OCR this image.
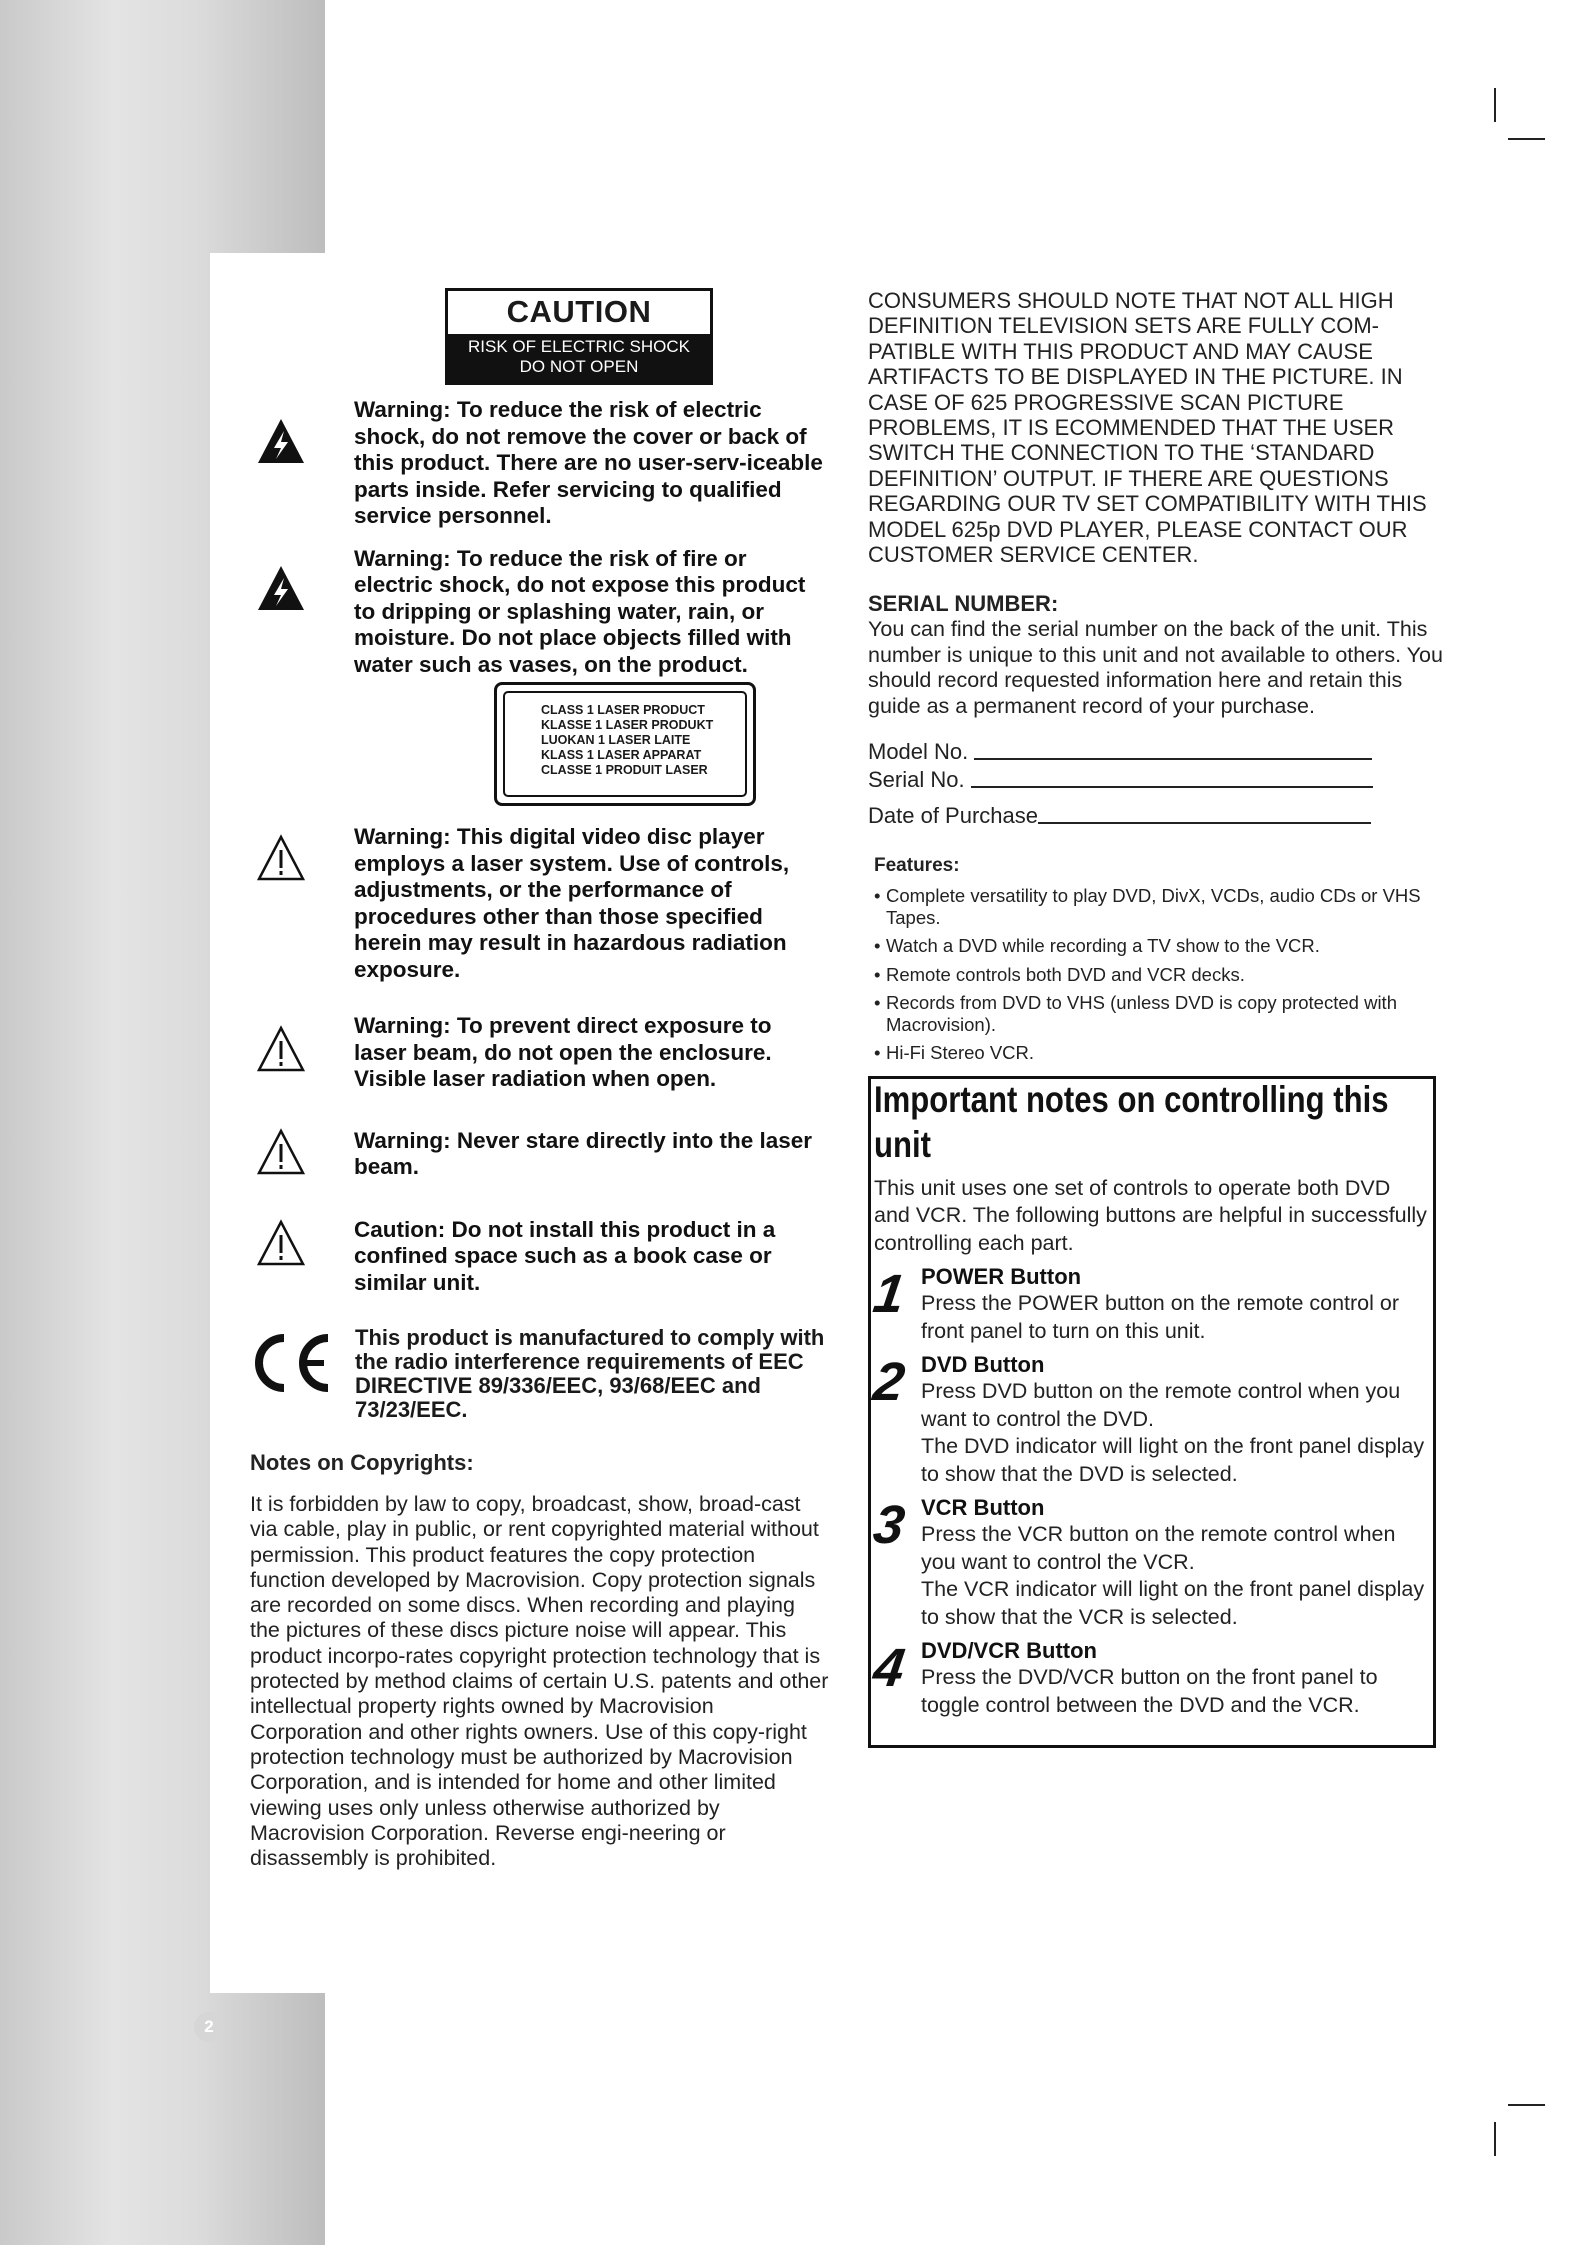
2
CAUTION
RISK OF ELECTRIC SHOCK
DO NOT OPEN
Warning: To reduce the risk of electric shock, do not remove the cover or back of this product. There are no user-serv-iceable parts inside. Refer servicing to qualified service personnel.
Warning: To reduce the risk of fire or electric shock, do not expose this product to dripping or splashing water, rain, or moisture. Do not place objects filled with water such as vases, on the product.
CLASS 1 LASER PRODUCT
KLASSE 1 LASER PRODUKT
LUOKAN 1 LASER LAITE
KLASS 1 LASER APPARAT
CLASSE 1 PRODUIT LASER
Warning: This digital video disc player employs a laser system. Use of controls, adjustments, or the performance of procedures other than those specified herein may result in hazardous radiation exposure.
Warning: To prevent direct exposure to laser beam, do not open the enclosure. Visible laser radiation when open.
Warning: Never stare directly into the laser beam.
Caution: Do not install this product in a confined space such as a book case or similar unit.
This product is manufactured to comply with the radio interference requirements of EEC DIRECTIVE 89/336/EEC, 93/68/EEC and 73/23/EEC.
Notes on Copyrights:
It is forbidden by law to copy, broadcast, show, broad-cast via cable, play in public, or rent copyrighted material without permission. This product features the copy protection function developed by Macrovision. Copy protection signals are recorded on some discs. When recording and playing the pictures of these discs picture noise will appear. This product incorpo-rates copyright protection technology that is protected by method claims of certain U.S. patents and other intellectual property rights owned by Macrovision Corporation and other rights owners. Use of this copy-right protection technology must be authorized by Macrovision Corporation, and is intended for home and other limited viewing uses only unless otherwise authorized by Macrovision Corporation. Reverse engi-neering or disassembly is prohibited.
CONSUMERS SHOULD NOTE THAT NOT ALL HIGH DEFINITION TELEVISION SETS ARE FULLY COM-PATIBLE WITH THIS PRODUCT AND MAY CAUSE ARTIFACTS TO BE DISPLAYED IN THE PICTURE. IN CASE OF 625 PROGRESSIVE SCAN PICTURE PROBLEMS, IT IS ECOMMENDED THAT THE USER SWITCH THE CONNECTION TO THE ‘STANDARD DEFINITION’ OUTPUT. IF THERE ARE QUESTIONS REGARDING OUR TV SET COMPATIBILITY WITH THIS MODEL 625p DVD PLAYER, PLEASE CONTACT OUR CUSTOMER SERVICE CENTER.
SERIAL NUMBER:
You can find the serial number on the back of the unit. This number is unique to this unit and not available to others. You should record requested information here and retain this guide as a permanent record of your purchase.
Model No.
Serial No.
Date of Purchase
Features:
• Complete versatility to play DVD, DivX, VCDs, audio CDs or VHS Tapes.
• Watch a DVD while recording a TV show to the VCR.
• Remote controls both DVD and VCR decks.
• Records from DVD to VHS (unless DVD is copy protected with Macrovision).
• Hi-Fi Stereo VCR.
Important notes on controlling this unit
This unit uses one set of controls to operate both DVD and VCR. The following buttons are helpful in successfully controlling each part.
1 POWER Button
Press the POWER button on the remote control or front panel to turn on this unit.
2 DVD Button
Press DVD button on the remote control when you want to control the DVD.
The DVD indicator will light on the front panel display to show that the DVD is selected.
3 VCR Button
Press the VCR button on the remote control when you want to control the VCR.
The VCR indicator will light on the front panel display to show that the VCR is selected.
4 DVD/VCR Button
Press the DVD/VCR button on the front panel to toggle control between the DVD and the VCR.
